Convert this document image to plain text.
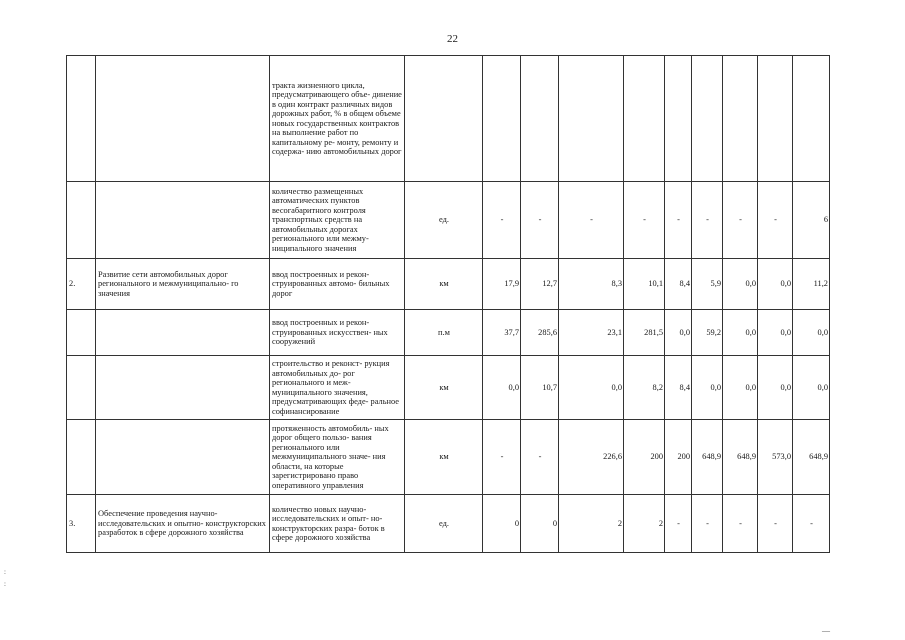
22
		тракта жизненного цикла, предусматривающего объе- динение в один контракт различных видов дорожных работ, % в общем объеме новых государственных контрактов на выполнение работ по капитальному ре- монту, ремонту и содержа- нию автомобильных дорог										
		количество размещенных автоматических пунктов весогабаритного контроля транспортных средств на автомобильных дорогах регионального или межму- ниципального значения	ед.	-	-	-	-	-	-	-	-	6
2.	Развитие сети автомобильных дорог регионального и межмуниципально- го значения	ввод построенных и рекон- струированных автомо- бильных дорог	км	17,9	12,7	8,3	10,1	8,4	5,9	0,0	0,0	11,2
		ввод построенных и рекон- струированных искусствен- ных сооружений	п.м	37,7	285,6	23,1	281,5	0,0	59,2	0,0	0,0	0,0
		строительство и реконст- рукция автомобильных до- рог регионального и меж- муниципального значения, предусматривающих феде- ральное софинансирование	км	0,0	10,7	0,0	8,2	8,4	0,0	0,0	0,0	0,0
		протяженность автомобиль- ных дорог общего пользо- вания регионального или межмуниципального значе- ния области, на которые зарегистрировано право оперативного управления	км	-	-	226,6	200	200	648,9	648,9	573,0	648,9
3.	Обеспечение проведения научно- исследовательских и опытно- конструкторских разработок в сфере дорожного хозяйства	количество новых научно- исследовательских и опыт- но-конструкторских разра- боток в сфере дорожного хозяйства	ед.	0	0	2	2	-	-	-	-	-
:
:
—
